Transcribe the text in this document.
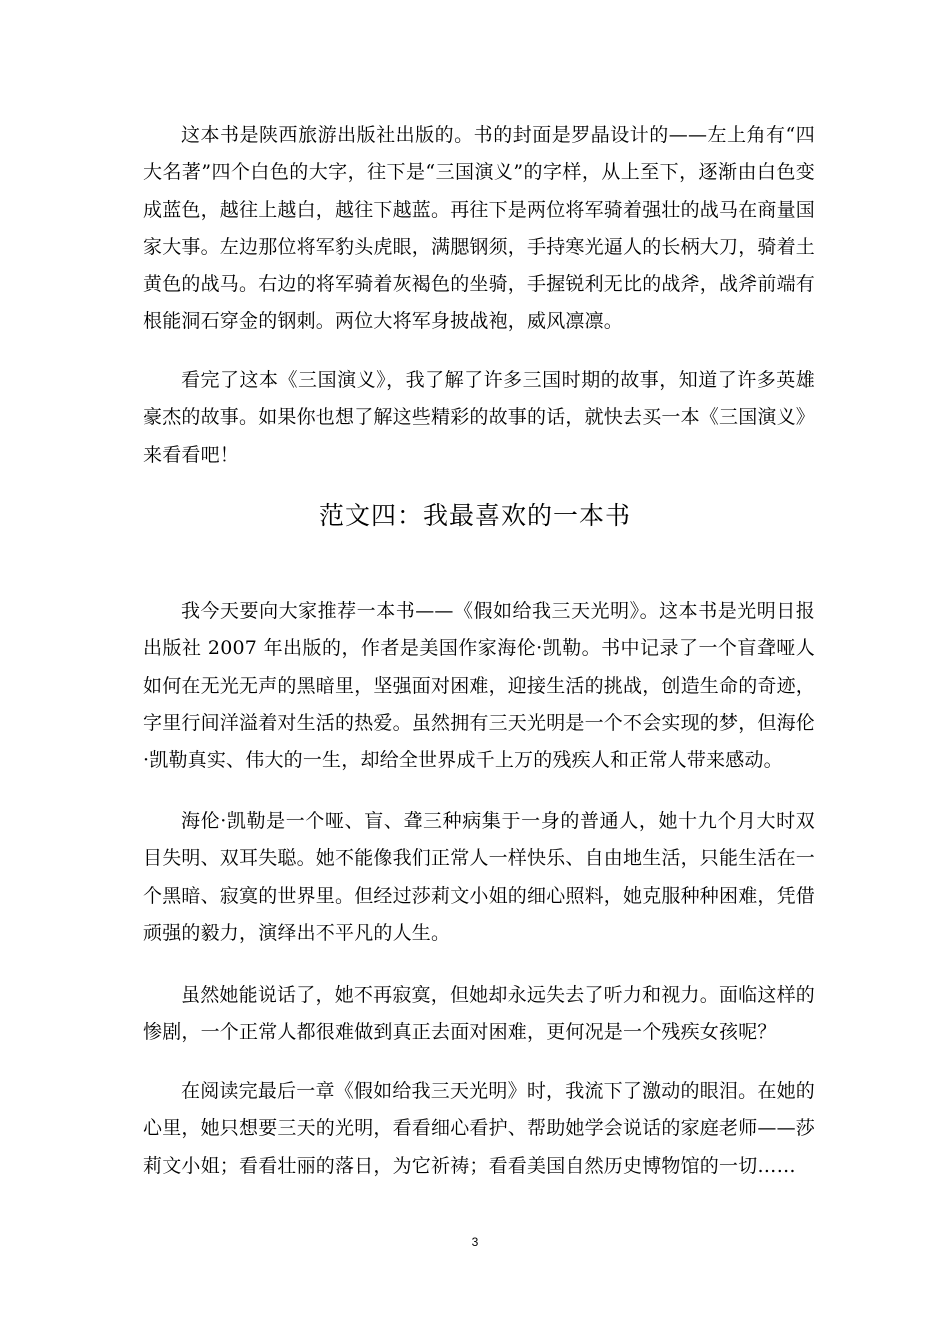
这本书是陕西旅游出版社出版的。书的封面是罗晶设计的——左上角有“四大名著”四个白色的大字，往下是“三国演义”的字样，从上至下，逐渐由白色变成蓝色，越往上越白，越往下越蓝。再往下是两位将军骑着强壮的战马在商量国家大事。左边那位将军豹头虎眼，满腮钢须，手持寒光逼人的长柄大刀，骑着土黄色的战马。右边的将军骑着灰褐色的坐骑，手握锐利无比的战斧，战斧前端有根能洞石穿金的钢刺。两位大将军身披战袍，威风凛凛。

看完了这本《三国演义》，我了解了许多三国时期的故事，知道了许多英雄豪杰的故事。如果你也想了解这些精彩的故事的话，就快去买一本《三国演义》来看看吧！

范文四：我最喜欢的一本书

我今天要向大家推荐一本书——《假如给我三天光明》。这本书是光明日报出版社 2007 年出版的，作者是美国作家海伦·凯勒。书中记录了一个盲聋哑人如何在无光无声的黑暗里，坚强面对困难，迎接生活的挑战，创造生命的奇迹，字里行间洋溢着对生活的热爱。虽然拥有三天光明是一个不会实现的梦，但海伦·凯勒真实、伟大的一生，却给全世界成千上万的残疾人和正常人带来感动。

海伦·凯勒是一个哑、盲、聋三种病集于一身的普通人，她十九个月大时双目失明、双耳失聪。她不能像我们正常人一样快乐、自由地生活，只能生活在一个黑暗、寂寞的世界里。但经过莎莉文小姐的细心照料，她克服种种困难，凭借顽强的毅力，演绎出不平凡的人生。

虽然她能说话了，她不再寂寞，但她却永远失去了听力和视力。面临这样的惨剧，一个正常人都很难做到真正去面对困难，更何况是一个残疾女孩呢？

在阅读完最后一章《假如给我三天光明》时，我流下了激动的眼泪。在她的心里，她只想要三天的光明，看看细心看护、帮助她学会说话的家庭老师——莎莉文小姐；看看壮丽的落日，为它祈祷；看看美国自然历史博物馆的一切……

3
